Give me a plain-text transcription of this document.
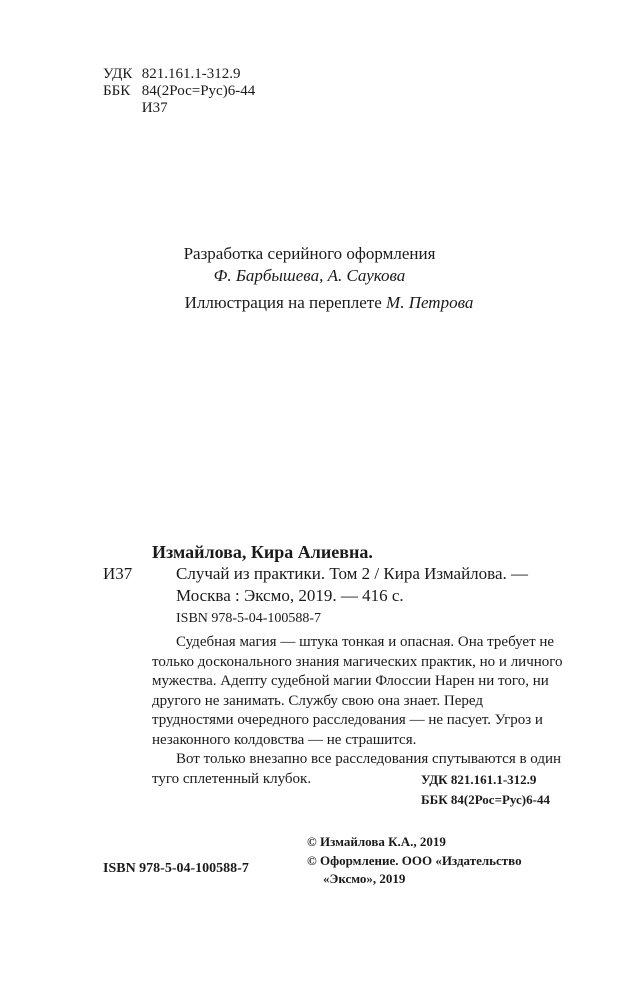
УДК 821.161.1-312.9
ББК 84(2Рос=Рус)6-44
И37
Разработка серийного оформления
Ф. Барбышева, А. Саукова
Иллюстрация на переплете М. Петрова
Измайлова, Кира Алиевна.
И37	Случай из практики. Том 2 / Кира Измайлова. —
Москва : Эксмо, 2019. — 416 с.
ISBN 978-5-04-100588-7

Судебная магия — штука тонкая и опасная. Она требует не только досконального знания магических практик, но и личного мужества. Адепту судебной магии Флоссии Нарен ни того, ни другого не занимать. Службу свою она знает. Перед трудностями очередного расследования — не пасует. Угроз и незаконного колдовства — не страшится.

Вот только внезапно все расследования спутываются в один туго сплетенный клубок.	УДК 821.161.1-312.9
ББК 84(2Рос=Рус)6-44
© Измайлова К.А., 2019
© Оформление. ООО «Издательство
«Эксмо», 2019
ISBN 978-5-04-100588-7
